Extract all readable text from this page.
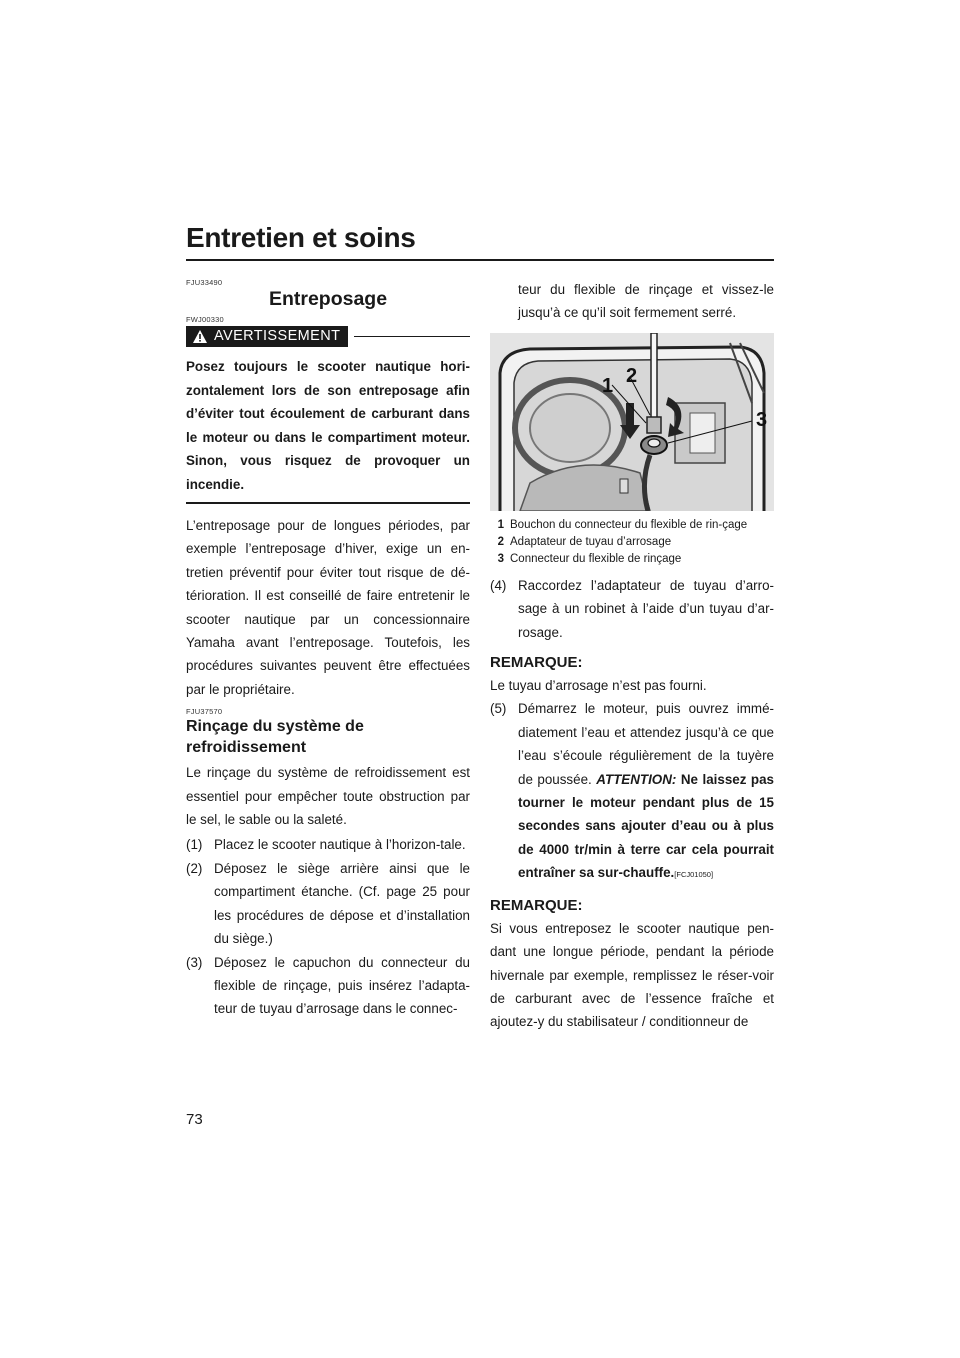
Entretien et soins
FJU33490
Entreposage
FWJ00330
AVERTISSEMENT
Posez toujours le scooter nautique hori-zontalement lors de son entreposage afin d’éviter tout écoulement de carburant dans le moteur ou dans le compartiment moteur. Sinon, vous risquez de provoquer un incendie.

L’entreposage pour de longues périodes, par exemple l’entreposage d’hiver, exige un en-tretien préventif pour éviter tout risque de dé-térioration. Il est conseillé de faire entretenir le scooter nautique par un concessionnaire Yamaha avant l’entreposage. Toutefois, les procédures suivantes peuvent être effectuées par le propriétaire.

FJU37570
Rinçage du système de refroidissement

Le rinçage du système de refroidissement est essentiel pour empêcher toute obstruction par le sel, le sable ou la saleté.

(1) Placez le scooter nautique à l’horizon-tale.
(2) Déposez le siège arrière ainsi que le compartiment étanche. (Cf. page 25 pour les procédures de dépose et d’installation du siège.)
(3) Déposez le capuchon du connecteur du flexible de rinçage, puis insérez l’adapta-teur de tuyau d’arrosage dans le connec-
teur du flexible de rinçage et vissez-le jusqu’à ce qu’il soit fermement serré.
1 2
3
1 Bouchon du connecteur du flexible de rin-çage
2 Adaptateur de tuyau d’arrosage
3 Connecteur du flexible de rinçage
(4) Raccordez l’adaptateur de tuyau d’arro-sage à un robinet à l’aide d’un tuyau d’ar-rosage.
REMARQUE:

Le tuyau d’arrosage n’est pas fourni.

(5) Démarrez le moteur, puis ouvrez immé-diatement l’eau et attendez jusqu’à ce que l’eau s’écoule régulièrement de la tuyère de poussée. ATTENTION: Ne laissez pas tourner le moteur pendant plus de 15 secondes sans ajouter d’eau ou à plus de 4000 tr/min à terre car cela pourrait entraîner sa sur-chauffe.[FCJ01050]
REMARQUE:

Si vous entreposez le scooter nautique pen-dant une longue période, pendant la période hivernale par exemple, remplissez le réser-voir de carburant avec de l’essence fraîche et ajoutez-y du stabilisateur / conditionneur de

73
